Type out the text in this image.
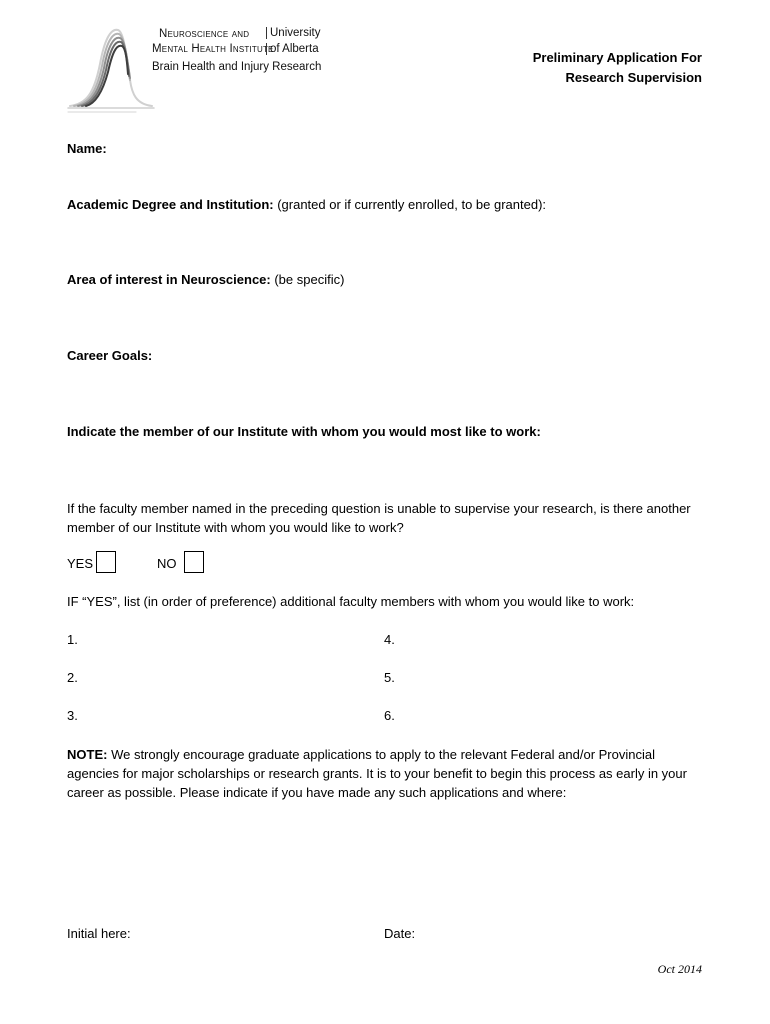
Neuroscience and	University
Mental Health Institute
of Alberta
Brain Health and Injury Research
Preliminary Application For
Research Supervision
Name:
Academic Degree and Institution: (granted or if currently enrolled, to be granted):
Area of interest in Neuroscience: (be specific)
Career Goals:
Indicate the member of our Institute with whom you would most like to work:
If the faculty member named in the preceding question is unable to supervise your research, is there another member of our Institute with whom you would like to work?
YES	NO
IF “YES”, list (in order of preference) additional faculty members with whom you would like to work:
1.
2.
3.
4.
5.
6.
NOTE: We strongly encourage graduate applications to apply to the relevant Federal and/or Provincial agencies for major scholarships or research grants. It is to your benefit to begin this process as early in your career as possible. Please indicate if you have made any such applications and where:
Initial here:	Date:
Oct 2014
